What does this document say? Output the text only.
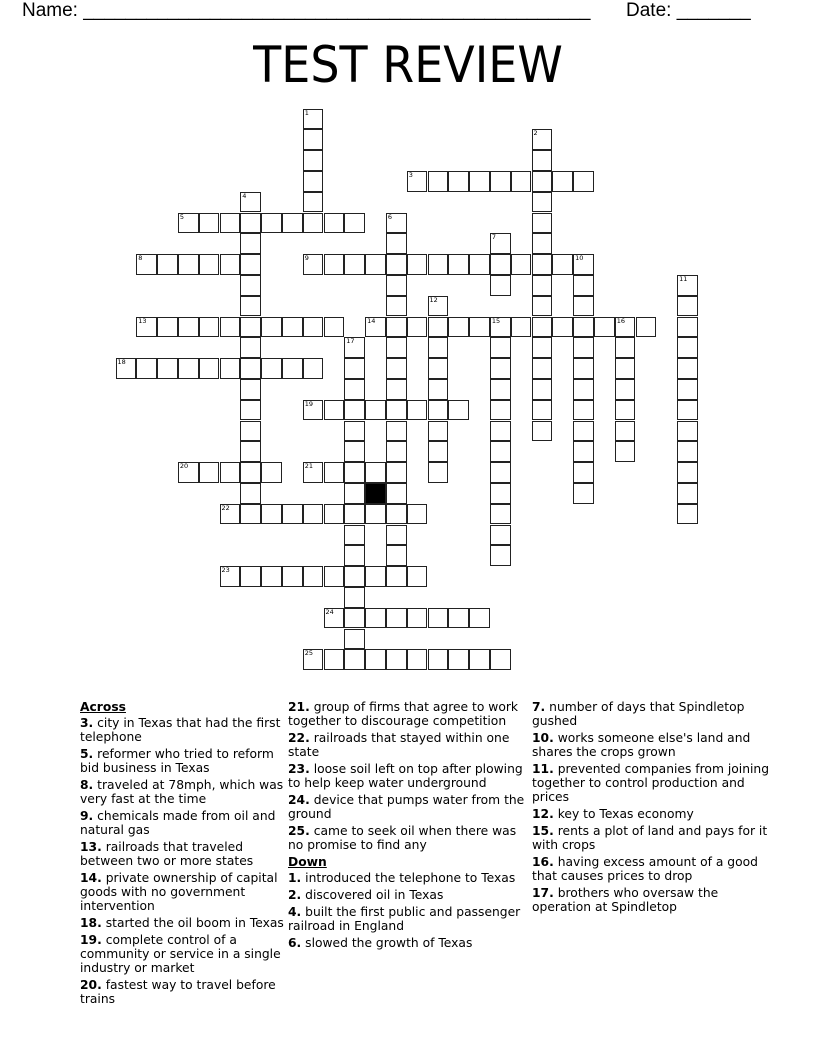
Name: ________________________________________________ Date: _______
TEST REVIEW
1
2
3
4
5	6
7
8	9	10
11
12
13	14	15	16
17
18
19
20	21
22
23
24
25
Across
3. city in Texas that had the first telephone
5. reformer who tried to reform bid business in Texas
8. traveled at 78mph, which was very fast at the time
9. chemicals made from oil and natural gas
13. railroads that traveled between two or more states
14. private ownership of capital goods with no government intervention
18. started the oil boom in Texas
19. complete control of a community or service in a single industry or market
20. fastest way to travel before trains
21. group of firms that agree to work together to discourage competition
22. railroads that stayed within one state
23. loose soil left on top after plowing to help keep water underground
24. device that pumps water from the ground
25. came to seek oil when there was no promise to find any
Down
1. introduced the telephone to Texas
2. discovered oil in Texas
4. built the first public and passenger railroad in England
6. slowed the growth of Texas
7. number of days that Spindletop gushed
10. works someone else's land and shares the crops grown
11. prevented companies from joining together to control production and prices
12. key to Texas economy
15. rents a plot of land and pays for it with crops
16. having excess amount of a good that causes prices to drop
17. brothers who oversaw the operation at Spindletop
